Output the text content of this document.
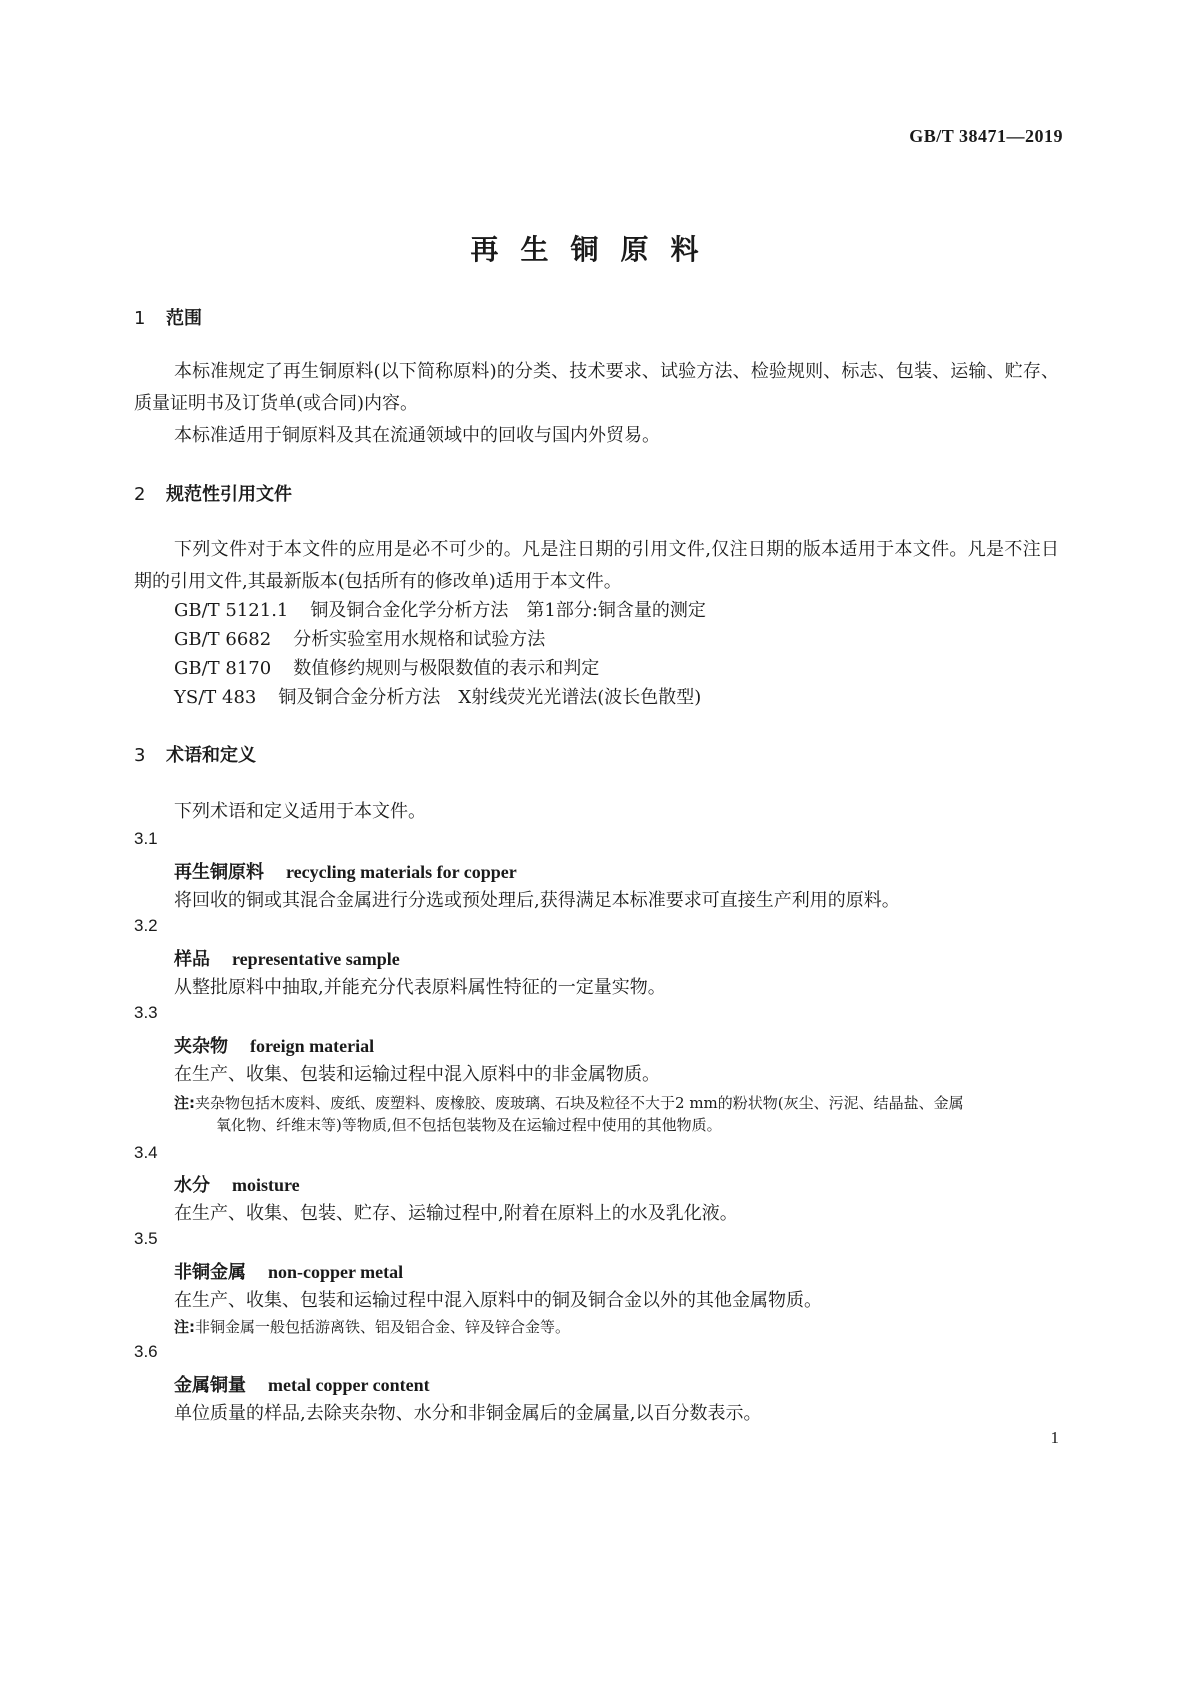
GB/T 38471—2019
再生铜原料
1 范围
本标准规定了再生铜原料(以下简称原料)的分类、技术要求、试验方法、检验规则、标志、包装、运输、贮存、质量证明书及订货单(或合同)内容。
本标准适用于铜原料及其在流通领域中的回收与国内外贸易。
2 规范性引用文件
下列文件对于本文件的应用是必不可少的。凡是注日期的引用文件,仅注日期的版本适用于本文件。凡是不注日期的引用文件,其最新版本(包括所有的修改单)适用于本文件。
GB/T 5121.1 铜及铜合金化学分析方法 第1部分:铜含量的测定
GB/T 6682 分析实验室用水规格和试验方法
GB/T 8170 数值修约规则与极限数值的表示和判定
YS/T 483 铜及铜合金分析方法 X射线荧光光谱法(波长色散型)
3 术语和定义
下列术语和定义适用于本文件。
3.1
再生铜原料 recycling materials for copper
将回收的铜或其混合金属进行分选或预处理后,获得满足本标准要求可直接生产利用的原料。
3.2
样品 representative sample
从整批原料中抽取,并能充分代表原料属性特征的一定量实物。
3.3
夹杂物 foreign material
在生产、收集、包装和运输过程中混入原料中的非金属物质。
注:夹杂物包括木废料、废纸、废塑料、废橡胶、废玻璃、石块及粒径不大于2 mm的粉状物(灰尘、污泥、结晶盐、金属
氧化物、纤维末等)等物质,但不包括包装物及在运输过程中使用的其他物质。
3.4
水分 moisture
在生产、收集、包装、贮存、运输过程中,附着在原料上的水及乳化液。
3.5
非铜金属 non-copper metal
在生产、收集、包装和运输过程中混入原料中的铜及铜合金以外的其他金属物质。
注:非铜金属一般包括游离铁、铝及铝合金、锌及锌合金等。
3.6
金属铜量 metal copper content
单位质量的样品,去除夹杂物、水分和非铜金属后的金属量,以百分数表示。
1
